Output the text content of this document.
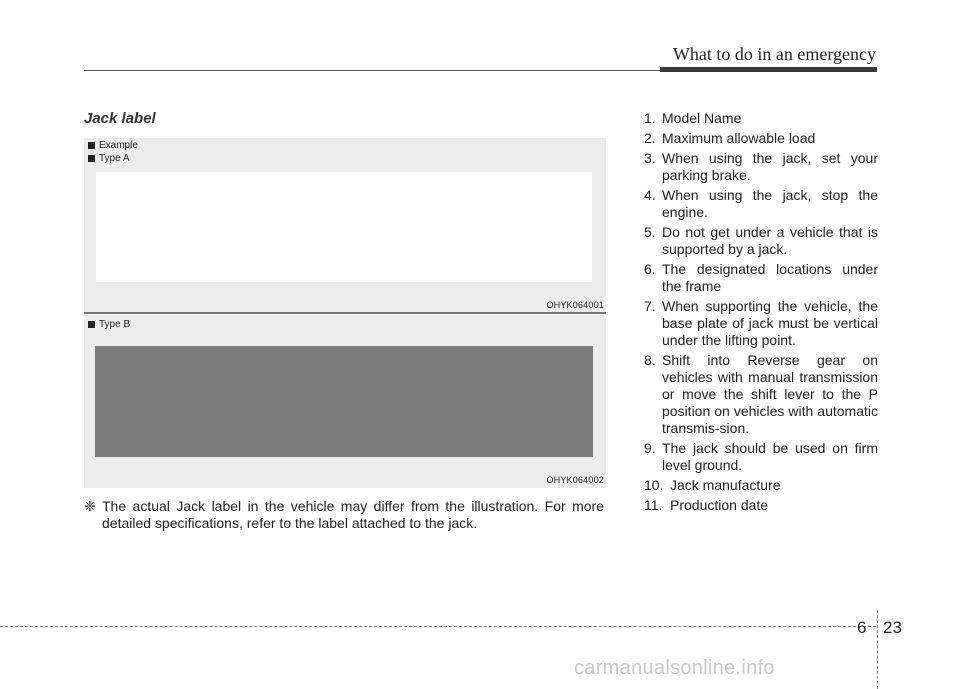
What to do in an emergency
Jack label
Example
Type A
OHYK064001
Type B
OHYK064002
❈ The actual Jack label in the vehicle may differ from the illustration. For more detailed specifications, refer to the label attached to the jack.
1. Model Name
2. Maximum allowable load
3. When using the jack, set your parking brake.
4. When using the jack, stop the engine.
5. Do not get under a vehicle that is supported by a jack.
6. The designated locations under the frame
7. When supporting the vehicle, the base plate of jack must be vertical under the lifting point.
8. Shift into Reverse gear on vehicles with manual transmission or move the shift lever to the P position on vehicles with automatic transmis-sion.
9. The jack should be used on firm level ground.
10. Jack manufacture
11. Production date
6 23
carmanualsonline.info
